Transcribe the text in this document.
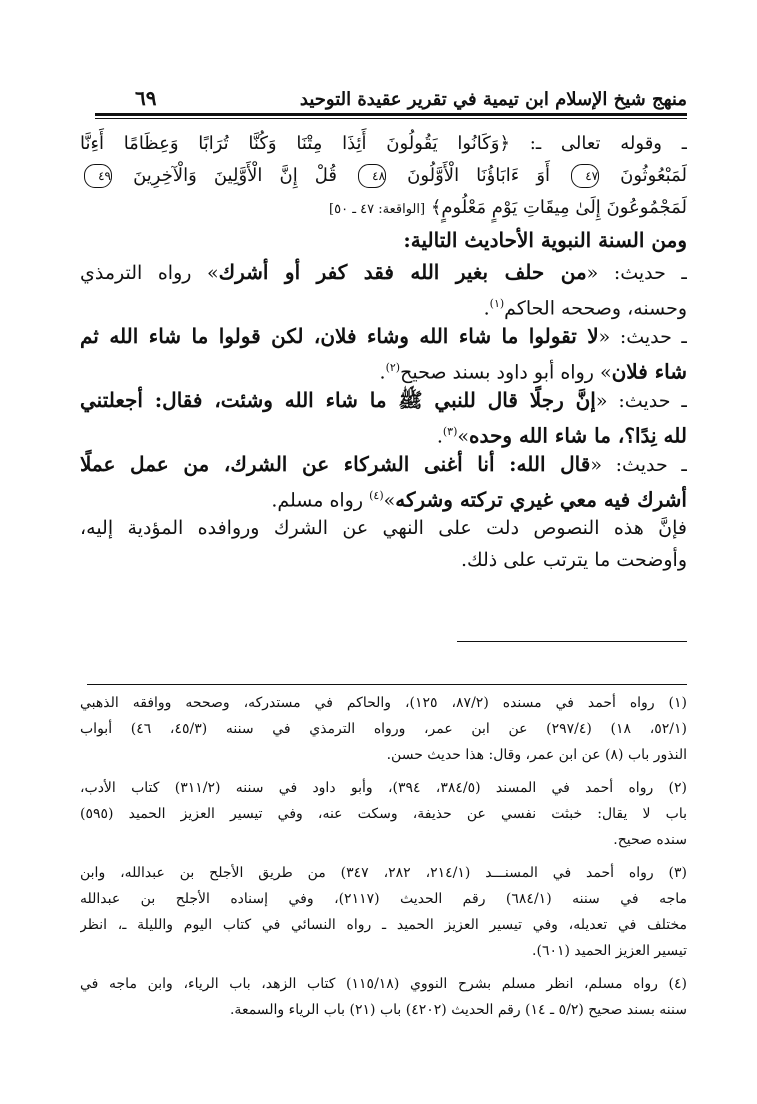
٦٩	منهج شيخ الإسلام ابن تيمية في تقرير عقيدة التوحيد
ـ وقوله تعالى ـ: ﴿وَكَانُوا يَقُولُونَ أَئِذَا مِتْنَا وَكُنَّا تُرَابًا وَعِظَامًا أَءِنَّا
لَمَبْعُوثُونَ ٤٧ أَوَ ءَابَاؤُنَا الْأَوَّلُونَ ٤٨ قُلْ إِنَّ الْأَوَّلِينَ وَالْآخِرِينَ ٤٩
لَمَجْمُوعُونَ إِلَىٰ مِيقَاتِ يَوْمٍ مَعْلُومٍ﴾ [الواقعة: ٤٧ ـ ٥٠]
ومن السنة النبوية الأحاديث التالية:
ـ حديث: «من حلف بغير الله فقد كفر أو أشرك» رواه الترمذي
وحسنه، وصححه الحاكم$^{(١)}$.
ـ حديث: «لا تقولوا ما شاء الله وشاء فلان، لكن قولوا ما شاء الله ثم
شاء فلان» رواه أبو داود بسند صحيح$^{(٢)}$.
ـ حديث: «إنَّ رجلًا قال للنبي ﷺ ما شاء الله وشئت، فقال: أجعلتني
لله نِدًا؟، ما شاء الله وحده»$^{(٣)}$.
ـ حديث: «قال الله: أنا أغنى الشركاء عن الشرك، من عمل عملًا
أشرك فيه معي غيري تركته وشركه»$^{(٤)}$ رواه مسلم.
فإنَّ هذه النصوص دلت على النهي عن الشرك وروافده المؤدية إليه،
وأوضحت ما يترتب على ذلك.
(١) رواه أحمد في مسنده (٨٧/٢، ١٢٥)، والحاكم في مستدركه، وصححه ووافقه الذهبي
(٥٢/١، ١٨) (٢٩٧/٤) عن ابن عمر، ورواه الترمذي في سننه (٤٥/٣، ٤٦) أبواب
النذور باب (٨) عن ابن عمر، وقال: هذا حديث حسن.
(٢) رواه أحمد في المسند (٣٨٤/٥، ٣٩٤)، وأبو داود في سننه (٣١١/٢) كتاب الأدب،
باب لا يقال: خبثت نفسي عن حذيفة، وسكت عنه، وفي تيسير العزيز الحميد (٥٩٥)
سنده صحيح.
(٣) رواه أحمد في المسنـــد (٢١٤/١، ٢٨٢، ٣٤٧) من طريق الأجلح بن عبدالله، وابن
ماجه في سننه (٦٨٤/١) رقم الحديث (٢١١٧)، وفي إسناده الأجلح بن عبدالله
مختلف في تعديله، وفي تيسير العزيز الحميد ـ رواه النسائي في كتاب اليوم والليلة ـ، انظر
تيسير العزيز الحميد (٦٠١).
(٤) رواه مسلم، انظر مسلم بشرح النووي (١١٥/١٨) كتاب الزهد، باب الرياء، وابن ماجه في
سننه بسند صحيح (٥/٢ ـ ١٤) رقم الحديث (٤٢٠٢) باب (٢١) باب الرياء والسمعة.
